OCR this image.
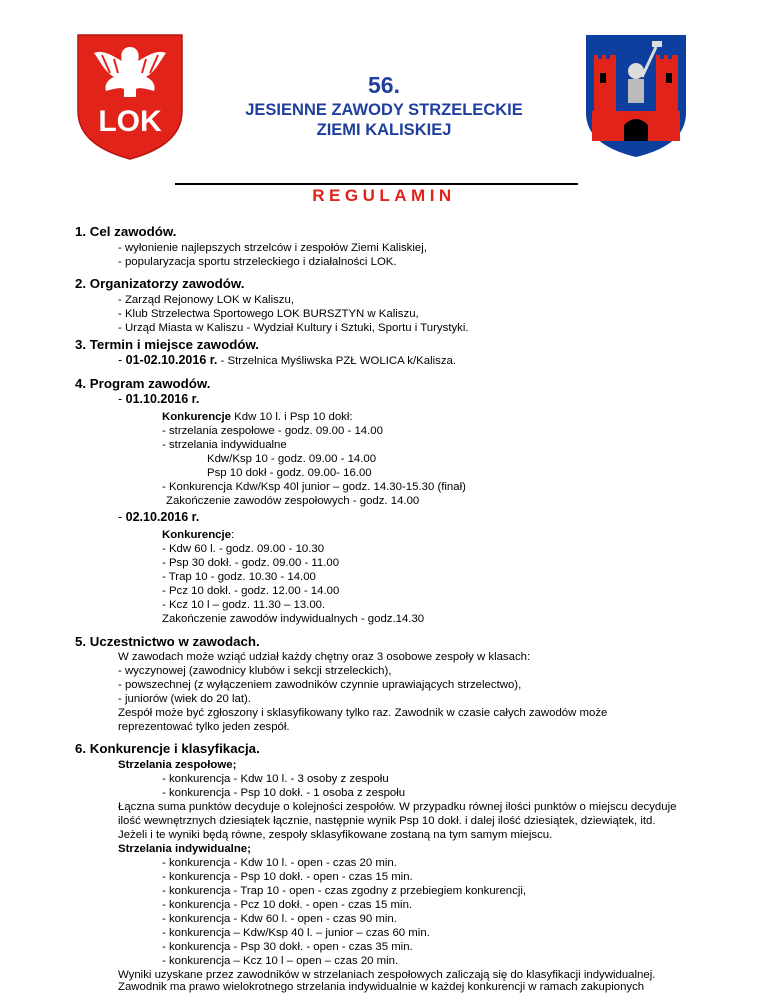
LOK
56.
JESIENNE ZAWODY STRZELECKIE
ZIEMI KALISKIEJ
REGULAMIN
1. Cel zawodów.
- wyłonienie najlepszych strzelców i zespołów Ziemi Kaliskiej,
- popularyzacja sportu strzeleckiego i działalności LOK.
2. Organizatorzy zawodów.
- Zarząd Rejonowy LOK w Kaliszu,
- Klub Strzelectwa Sportowego LOK BURSZTYN w Kaliszu,
- Urząd Miasta w Kaliszu - Wydział Kultury i Sztuki, Sportu i Turystyki.
3. Termin i miejsce zawodów.
- 01-02.10.2016 r. - Strzelnica Myśliwska PZŁ WOLICA k/Kalisza.
4. Program zawodów.
- 01.10.2016 r.
Konkurencje Kdw 10 l. i Psp 10 dokł:
- strzelania zespołowe - godz. 09.00 - 14.00
- strzelania indywidualne
Kdw/Ksp 10 - godz. 09.00 - 14.00
Psp 10 dokł - godz. 09.00- 16.00
- Konkurencja Kdw/Ksp 40l junior – godz. 14.30-15.30 (finał)
Zakończenie zawodów zespołowych - godz. 14.00
- 02.10.2016 r.
Konkurencje:
- Kdw 60 l. - godz. 09.00 - 10.30
- Psp 30 dokł. - godz. 09.00 - 11.00
- Trap 10 - godz. 10.30 - 14.00
- Pcz 10 dokł. - godz. 12.00 - 14.00
- Kcz 10 l – godz. 11.30 – 13.00.
Zakończenie zawodów indywidualnych - godz.14.30
5. Uczestnictwo w zawodach.
W zawodach może wziąć udział każdy chętny oraz 3 osobowe zespoły w klasach:
- wyczynowej (zawodnicy klubów i sekcji strzeleckich),
- powszechnej (z wyłączeniem zawodników czynnie uprawiających strzelectwo),
- juniorów (wiek do 20 lat).
Zespół może być zgłoszony i sklasyfikowany tylko raz. Zawodnik w czasie całych zawodów może
reprezentować tylko jeden zespół.
6. Konkurencje i klasyfikacja.
Strzelania zespołowe;
- konkurencja - Kdw 10 l. - 3 osoby z zespołu
- konkurencja - Psp 10 dokł. - 1 osoba z zespołu
Łączna suma punktów decyduje o kolejności zespołów. W przypadku równej ilości punktów o miejscu decyduje
ilość wewnętrznych dziesiątek łącznie, następnie wynik Psp 10 dokł. i dalej ilość dziesiątek, dziewiątek, itd.
Jeżeli i te wyniki będą równe, zespoły sklasyfikowane zostaną na tym samym miejscu.
Strzelania indywidualne;
- konkurencja - Kdw 10 l. - open - czas 20 min.
- konkurencja - Psp 10 dokł. - open - czas 15 min.
- konkurencja - Trap 10 - open - czas zgodny z przebiegiem konkurencji,
- konkurencja - Pcz 10 dokł. - open - czas 15 min.
- konkurencja - Kdw 60 l. - open - czas 90 min.
- konkurencja – Kdw/Ksp 40 l. – junior – czas 60 min.
- konkurencja - Psp 30 dokł. - open - czas 35 min.
- konkurencja – Kcz 10 l – open – czas 20 min.
Wyniki uzyskane przez zawodników w strzelaniach zespołowych zaliczają się do klasyfikacji indywidualnej.
Zawodnik ma prawo wielokrotnego strzelania indywidualnie w każdej konkurencji w ramach zakupionych
